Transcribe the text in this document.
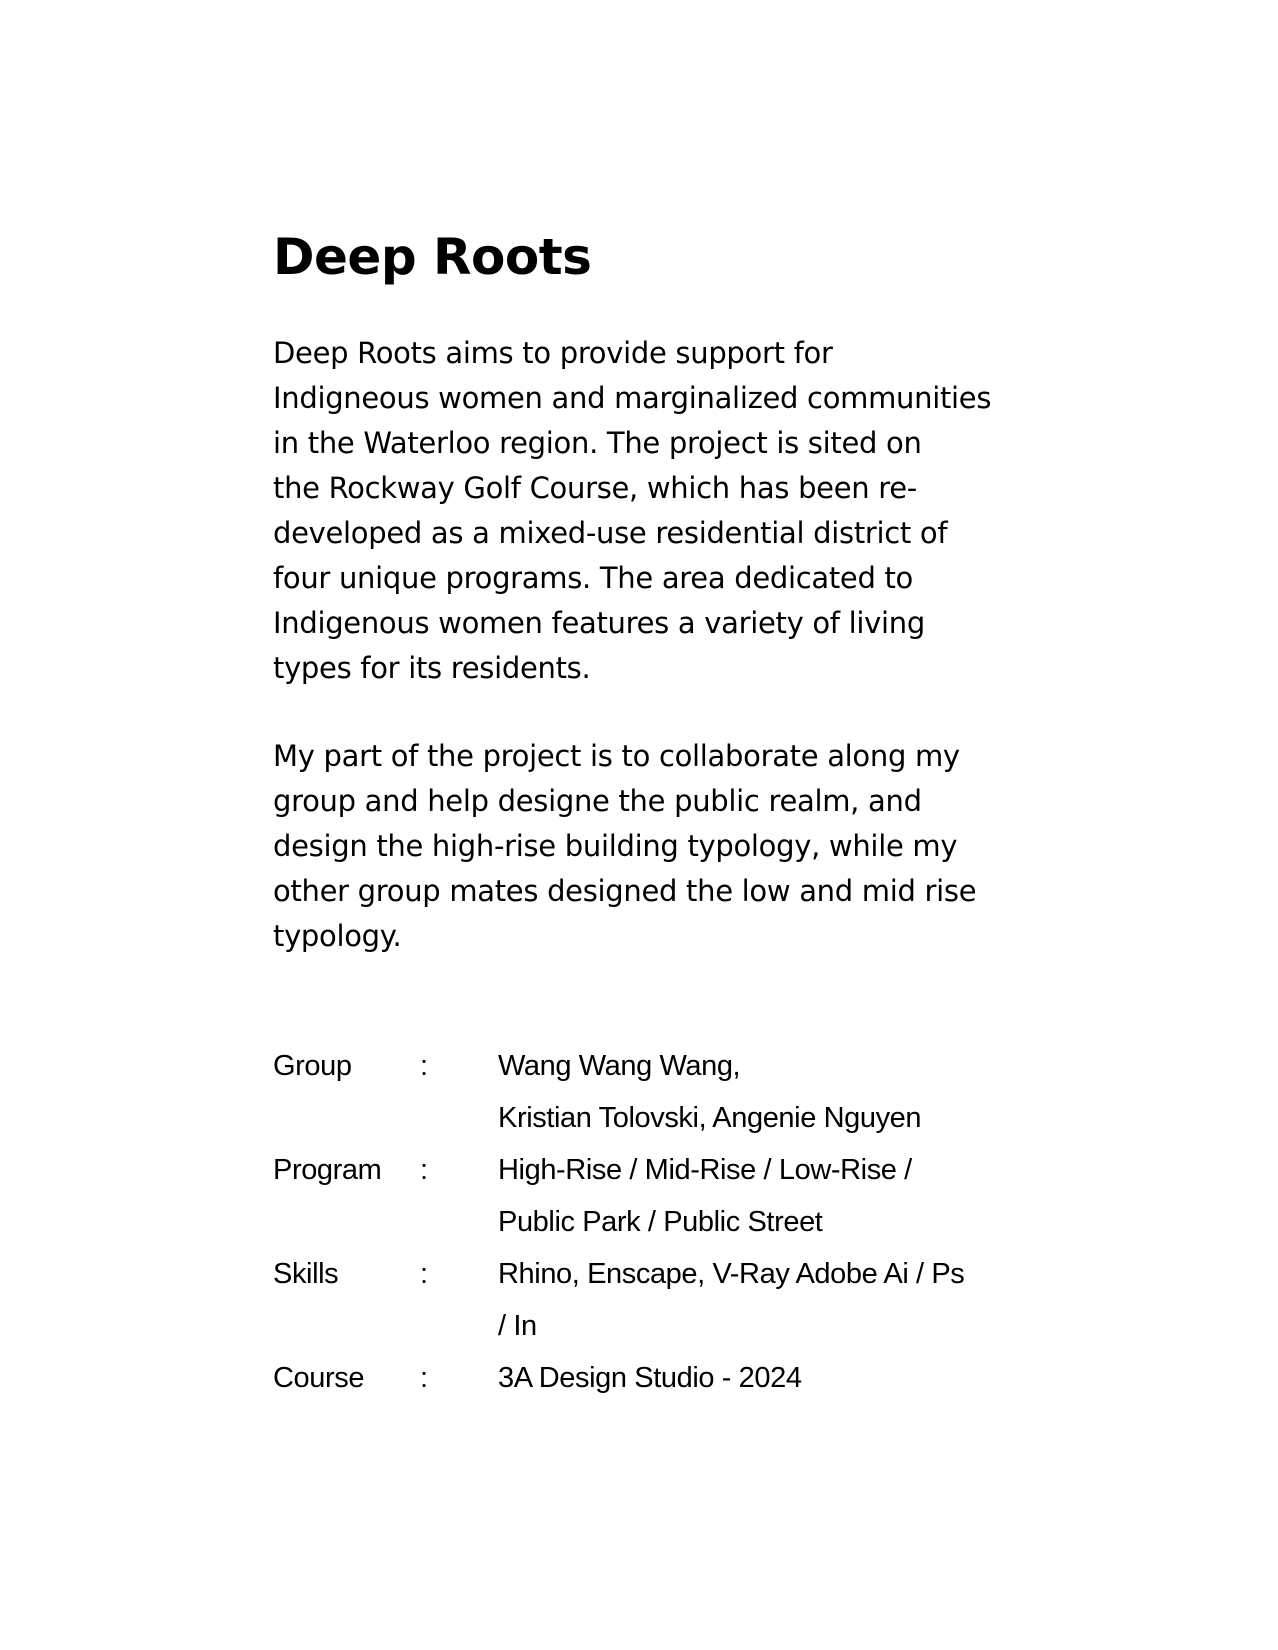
Deep Roots
Deep Roots aims to provide support for
Indigneous women and marginalized communities
in the Waterloo region. The project is sited on
the Rockway Golf Course, which has been re-
developed as a mixed-use residential district of
four unique programs. The area dedicated to
Indigenous women features a variety of living
types for its residents.
My part of the project is to collaborate along my
group and help designe the public realm, and
design the high-rise building typology, while my
other group mates designed the low and mid rise
typology.
Group : Wang Wang Wang,
Kristian Tolovski, Angenie Nguyen
Program : High-Rise / Mid-Rise / Low-Rise /
Public Park / Public Street
Skills	: Rhino, Enscape, V-Ray Adobe Ai / Ps
/ In
Course : 3A Design Studio - 2024
